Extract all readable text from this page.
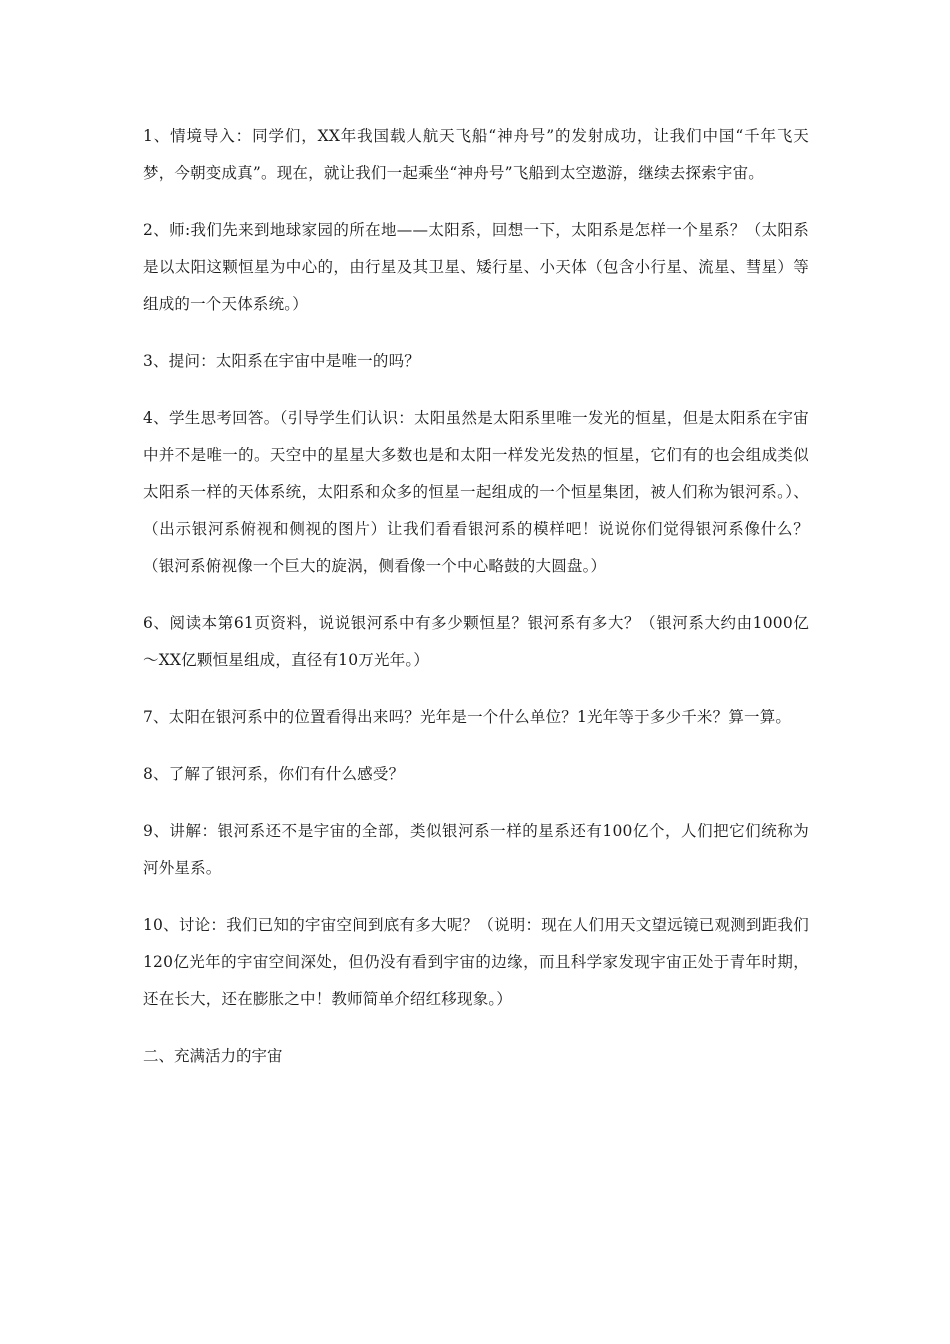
1、情境导入：同学们，XX年我国载人航天飞船“神舟号”的发射成功，让我们中国“千年飞天梦，今朝变成真”。现在，就让我们一起乘坐“神舟号”飞船到太空遨游，继续去探索宇宙。

2、师:我们先来到地球家园的所在地——太阳系，回想一下，太阳系是怎样一个星系？（太阳系是以太阳这颗恒星为中心的，由行星及其卫星、矮行星、小天体（包含小行星、流星、彗星）等组成的一个天体系统。）

3、提问：太阳系在宇宙中是唯一的吗？

4、学生思考回答。（引导学生们认识：太阳虽然是太阳系里唯一发光的恒星，但是太阳系在宇宙中并不是唯一的。天空中的星星大多数也是和太阳一样发光发热的恒星，它们有的也会组成类似太阳系一样的天体系统，太阳系和众多的恒星一起组成的一个恒星集团，被人们称为银河系。）、（出示银河系俯视和侧视的图片）让我们看看银河系的模样吧！说说你们觉得银河系像什么？（银河系俯视像一个巨大的旋涡，侧看像一个中心略鼓的大圆盘。）

6、阅读本第61页资料，说说银河系中有多少颗恒星？银河系有多大？（银河系大约由1000亿～XX亿颗恒星组成，直径有10万光年。）

7、太阳在银河系中的位置看得出来吗？光年是一个什么单位？1光年等于多少千米？算一算。

8、了解了银河系，你们有什么感受？

9、讲解：银河系还不是宇宙的全部，类似银河系一样的星系还有100亿个，人们把它们统称为河外星系。

10、讨论：我们已知的宇宙空间到底有多大呢？（说明：现在人们用天文望远镜已观测到距我们120亿光年的宇宙空间深处，但仍没有看到宇宙的边缘，而且科学家发现宇宙正处于青年时期，还在长大，还在膨胀之中！教师简单介绍红移现象。）

二、充满活力的宇宙
